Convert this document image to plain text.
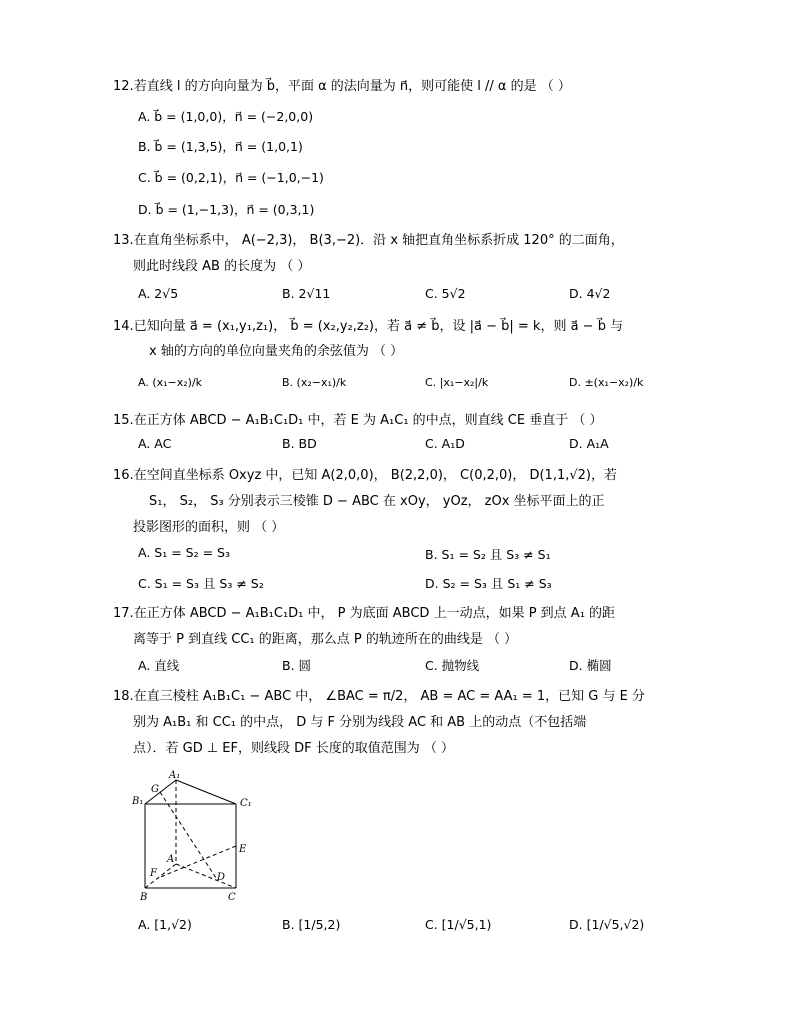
12.若直线 l 的方向向量为 b⃗，平面 α 的法向量为 n⃗，则可能使 l // α 的是 （ ）
A. b⃗ = (1,0,0)，n⃗ = (−2,0,0)
B. b⃗ = (1,3,5)，n⃗ = (1,0,1)
C. b⃗ = (0,2,1)，n⃗ = (−1,0,−1)
D. b⃗ = (1,−1,3)，n⃗ = (0,3,1)
13.在直角坐标系中， A(−2,3)， B(3,−2)．沿 x 轴把直角坐标系折成 120° 的二面角，
则此时线段 AB 的长度为 （ ）
A. 2√5	B. 2√11	C. 5√2	D. 4√2
14.已知向量 a⃗ = (x₁,y₁,z₁)， b⃗ = (x₂,y₂,z₂)，若 a⃗ ≠ b⃗，设 |a⃗ − b⃗| = k，则 a⃗ − b⃗ 与
x 轴的方向的单位向量夹角的余弦值为 （ ）
A. (x₁−x₂)/k	B. (x₂−x₁)/k	C. |x₁−x₂|/k	D. ±(x₁−x₂)/k
15.在正方体 ABCD − A₁B₁C₁D₁ 中，若 E 为 A₁C₁ 的中点，则直线 CE 垂直于 （ ）
A. AC	B. BD	C. A₁D	D. A₁A
16.在空间直坐标系 Oxyz 中，已知 A(2,0,0)， B(2,2,0)， C(0,2,0)， D(1,1,√2)，若
S₁， S₂， S₃ 分别表示三棱锥 D − ABC 在 xOy， yOz， zOx 坐标平面上的正
投影图形的面积，则 （ ）
A. S₁ = S₂ = S₃	B. S₁ = S₂ 且 S₃ ≠ S₁
C. S₁ = S₃ 且 S₃ ≠ S₂	D. S₂ = S₃ 且 S₁ ≠ S₃
17.在正方体 ABCD − A₁B₁C₁D₁ 中， P 为底面 ABCD 上一动点，如果 P 到点 A₁ 的距
离等于 P 到直线 CC₁ 的距离，那么点 P 的轨迹所在的曲线是 （ ）
A. 直线	B. 圆	C. 抛物线	D. 椭圆
18.在直三棱柱 A₁B₁C₁ − ABC 中， ∠BAC = π/2， AB = AC = AA₁ = 1，已知 G 与 E 分
别为 A₁B₁ 和 CC₁ 的中点， D 与 F 分别为线段 AC 和 AB 上的动点（不包括端
点）．若 GD ⊥ EF，则线段 DF 长度的取值范围为 （ ）
A₁
B₁	C₁
G
E
A
F	D
B	C
A. [1,√2)	B. [1/5,2)	C. [1/√5,1)	D. [1/√5,√2)
